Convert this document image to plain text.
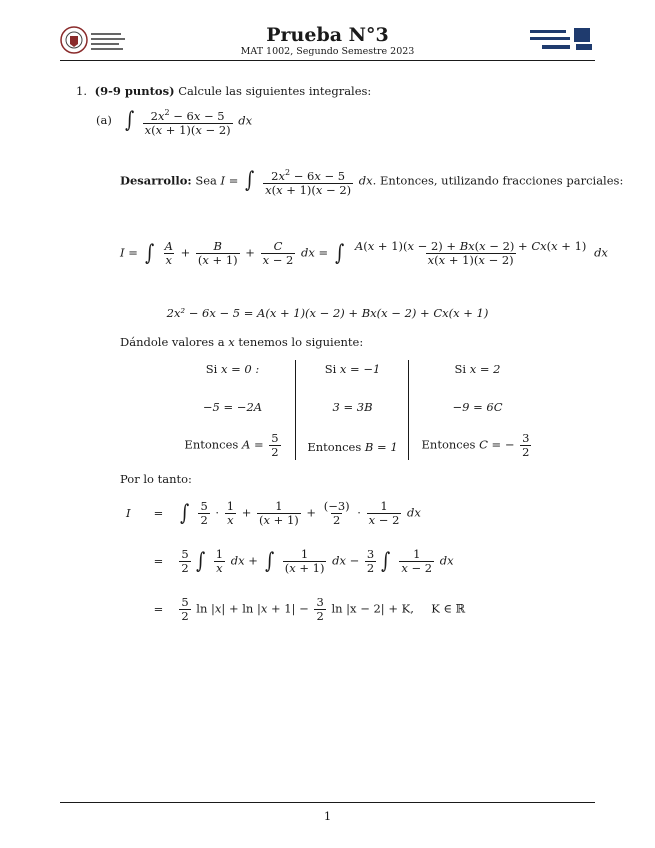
Prueba N°3
MAT 1002, Segundo Semestre 2023
1. (9-9 puntos) Calcule las siguientes integrales:
(a) ∫ $\frac{2x^2 - 6x - 5}{x(x + 1)(x - 2)}$ dx
Desarrollo: Sea I = ∫ $\frac{2x^2 - 6x - 5}{x(x + 1)(x - 2)}$ dx. Entonces, utilizando fracciones parciales:
I = ∫ $\frac{A}{x} + \frac{B}{(x + 1)} + \frac{C}{x - 2}$ dx = ∫ $\frac{A(x + 1)(x - 2) + Bx(x - 2) + Cx(x + 1)}{x(x + 1)(x - 2)}$ dx
2x² − 6x − 5 = A(x + 1)(x − 2) + Bx(x − 2) + Cx(x + 1)
Dándole valores a x tenemos lo siguiente:
Si x = 0 :
−5 = −2A
Entonces $A = \frac{5}{2}$
Si x = −1
3 = 3B
Entonces B = 1
Si x = 2
−9 = 6C
Entonces C = − $\frac{3}{2}$
Por lo tanto:
I = ∫ $\frac{5}{2} \cdot \frac{1}{x} + \frac{1}{(x + 1)} + \frac{(-3)}{2} \cdot \frac{1}{x - 2}$ dx
= $\frac{5}{2}$ ∫ $\frac{1}{x}$ dx + ∫ $\frac{1}{(x + 1)}$ dx − $\frac{3}{2}$ ∫ $\frac{1}{x - 2}$ dx
= $\frac{5}{2}$ $\ln |x| + \ln |x + 1| - \frac{3}{2}$ ln |x − 2| + K, K ∈ ℝ
1
